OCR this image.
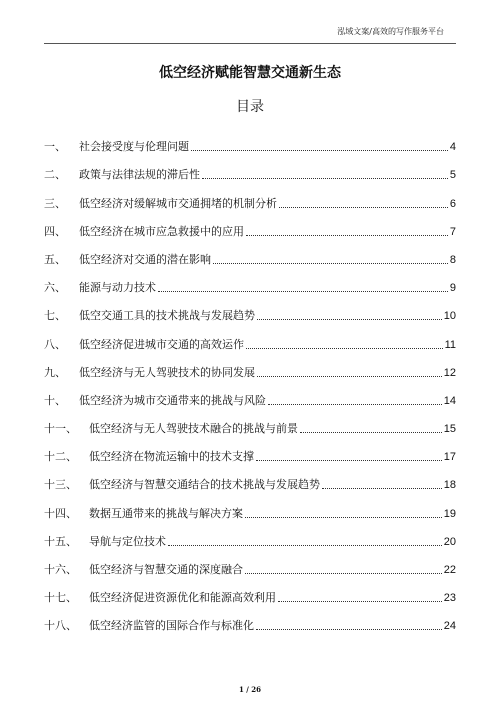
泓域文案/高效的写作服务平台
低空经济赋能智慧交通新生态
目录
一、	社会接受度与伦理问题	4
二、	政策与法律法规的滞后性	5
三、	低空经济对缓解城市交通拥堵的机制分析	6
四、	低空经济在城市应急救援中的应用	7
五、	低空经济对交通的潜在影响	8
六、	能源与动力技术	9
七、	低空交通工具的技术挑战与发展趋势	10
八、	低空经济促进城市交通的高效运作	11
九、	低空经济与无人驾驶技术的协同发展	12
十、	低空经济为城市交通带来的挑战与风险	14
十一、	低空经济与无人驾驶技术融合的挑战与前景	15
十二、	低空经济在物流运输中的技术支撑	17
十三、	低空经济与智慧交通结合的技术挑战与发展趋势	18
十四、	数据互通带来的挑战与解决方案	19
十五、	导航与定位技术	20
十六、	低空经济与智慧交通的深度融合	22
十七、	低空经济促进资源优化和能源高效利用	23
十八、	低空经济监管的国际合作与标准化	24
1 / 26
